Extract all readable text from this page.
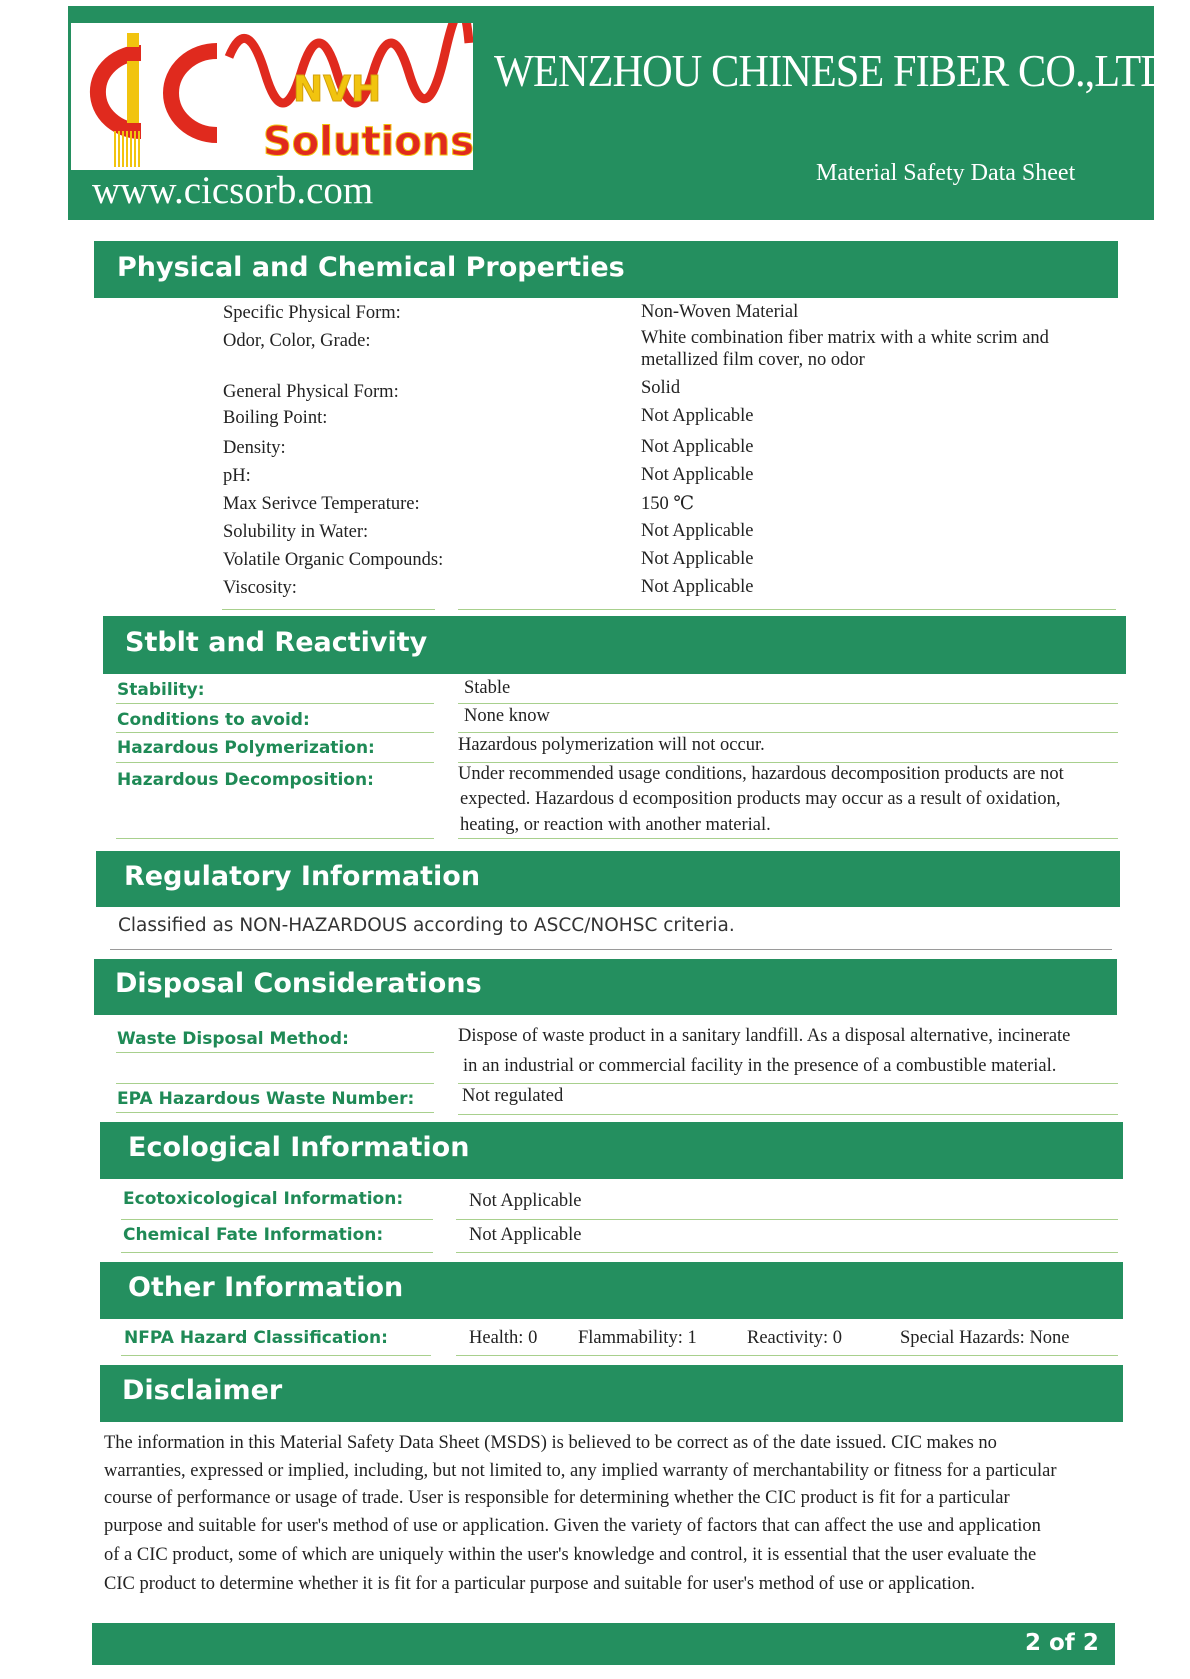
NVH
Solutions
WENZHOU CHINESE FIBER CO.,LTD.
Material Safety Data Sheet
www.cicsorb.com
Physical and Chemical Properties
Specific Physical Form:	Non-Woven Material
Odor, Color, Grade:	White combination fiber matrix with a white scrim and
metallized film cover, no odor
General Physical Form:	Solid
Boiling Point:	Not Applicable
Density:	Not Applicable
pH:	Not Applicable
Max Serivce Temperature:	150 ℃
Solubility in Water:	Not Applicable
Volatile Organic Compounds:	Not Applicable
Viscosity:	Not Applicable
Stblt and Reactivity
Stability:	Stable
Conditions to avoid:	None know
Hazardous Polymerization:	Hazardous polymerization will not occur.
Hazardous Decomposition:	Under recommended usage conditions, hazardous decomposition products are not
expected. Hazardous d ecomposition products may occur as a result of oxidation,
heating, or reaction with another material.
Regulatory Information
Classified as NON-HAZARDOUS according to ASCC/NOHSC criteria.
Disposal Considerations
Waste Disposal Method:	Dispose of waste product in a sanitary landfill. As a disposal alternative, incinerate
in an industrial or commercial facility in the presence of a combustible material.
EPA Hazardous Waste Number:	Not regulated
Ecological Information
Ecotoxicological Information:	Not Applicable
Chemical Fate Information:	Not Applicable
Other Information
NFPA Hazard Classification:	Health: 0 Flammability: 1	Reactivity: 0	Special Hazards: None
Disclaimer
The information in this Material Safety Data Sheet (MSDS) is believed to be correct as of the date issued. CIC makes no
warranties, expressed or implied, including, but not limited to, any implied warranty of merchantability or fitness for a particular
course of performance or usage of trade. User is responsible for determining whether the CIC product is fit for a particular
purpose and suitable for user's method of use or application. Given the variety of factors that can affect the use and application
of a CIC product, some of which are uniquely within the user's knowledge and control, it is essential that the user evaluate the
CIC product to determine whether it is fit for a particular purpose and suitable for user's method of use or application.
2 of 2
